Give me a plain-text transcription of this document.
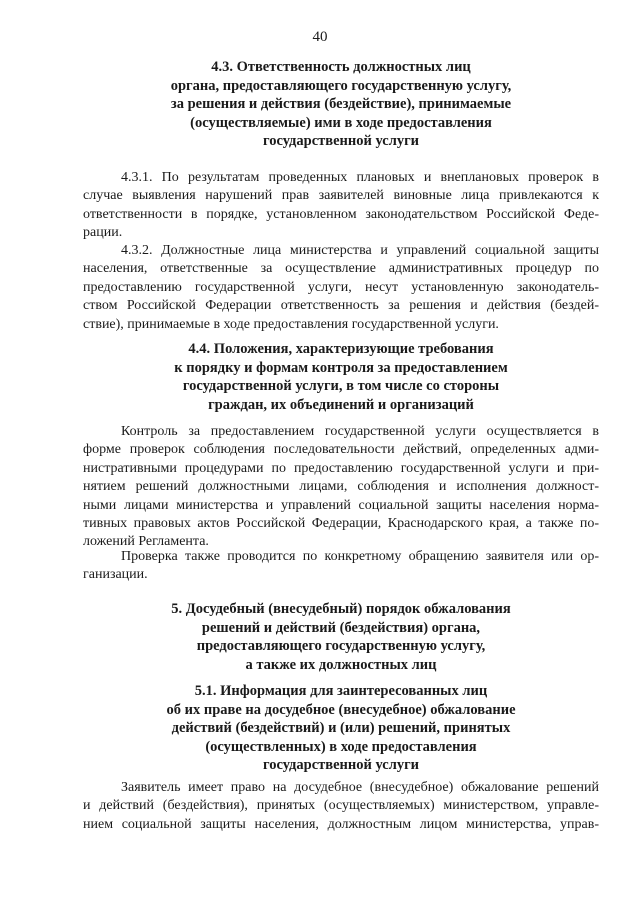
40
4.3. Ответственность должностных лиц
органа, предоставляющего государственную услугу,
за решения и действия (бездействие), принимаемые
(осуществляемые) ими в ходе предоставления
государственной услуги
4.3.1. По результатам проведенных плановых и внеплановых проверок в
случае выявления нарушений прав заявителей виновные лица привлекаются к
ответственности в порядке, установленном законодательством Российской Феде-
рации.
4.3.2. Должностные лица министерства и управлений социальной защиты
населения, ответственные за осуществление административных процедур по
предоставлению государственной услуги, несут установленную законодатель-
ством Российской Федерации ответственность за решения и действия (бездей-
ствие), принимаемые в ходе предоставления государственной услуги.
4.4. Положения, характеризующие требования
к порядку и формам контроля за предоставлением
государственной услуги, в том числе со стороны
граждан, их объединений и организаций
Контроль за предоставлением государственной услуги осуществляется в
форме проверок соблюдения последовательности действий, определенных адми-
нистративными процедурами по предоставлению государственной услуги и при-
нятием решений должностными лицами, соблюдения и исполнения должност-
ными лицами министерства и управлений социальной защиты населения норма-
тивных правовых актов Российской Федерации, Краснодарского края, а также по-
ложений Регламента.
Проверка также проводится по конкретному обращению заявителя или ор-
ганизации.
5. Досудебный (внесудебный) порядок обжалования
решений и действий (бездействия) органа,
предоставляющего государственную услугу,
а также их должностных лиц
5.1. Информация для заинтересованных лиц
об их праве на досудебное (внесудебное) обжалование
действий (бездействий) и (или) решений, принятых
(осуществленных) в ходе предоставления
государственной услуги
Заявитель имеет право на досудебное (внесудебное) обжалование решений
и действий (бездействия), принятых (осуществляемых) министерством, управле-
нием социальной защиты населения, должностным лицом министерства, управ-
